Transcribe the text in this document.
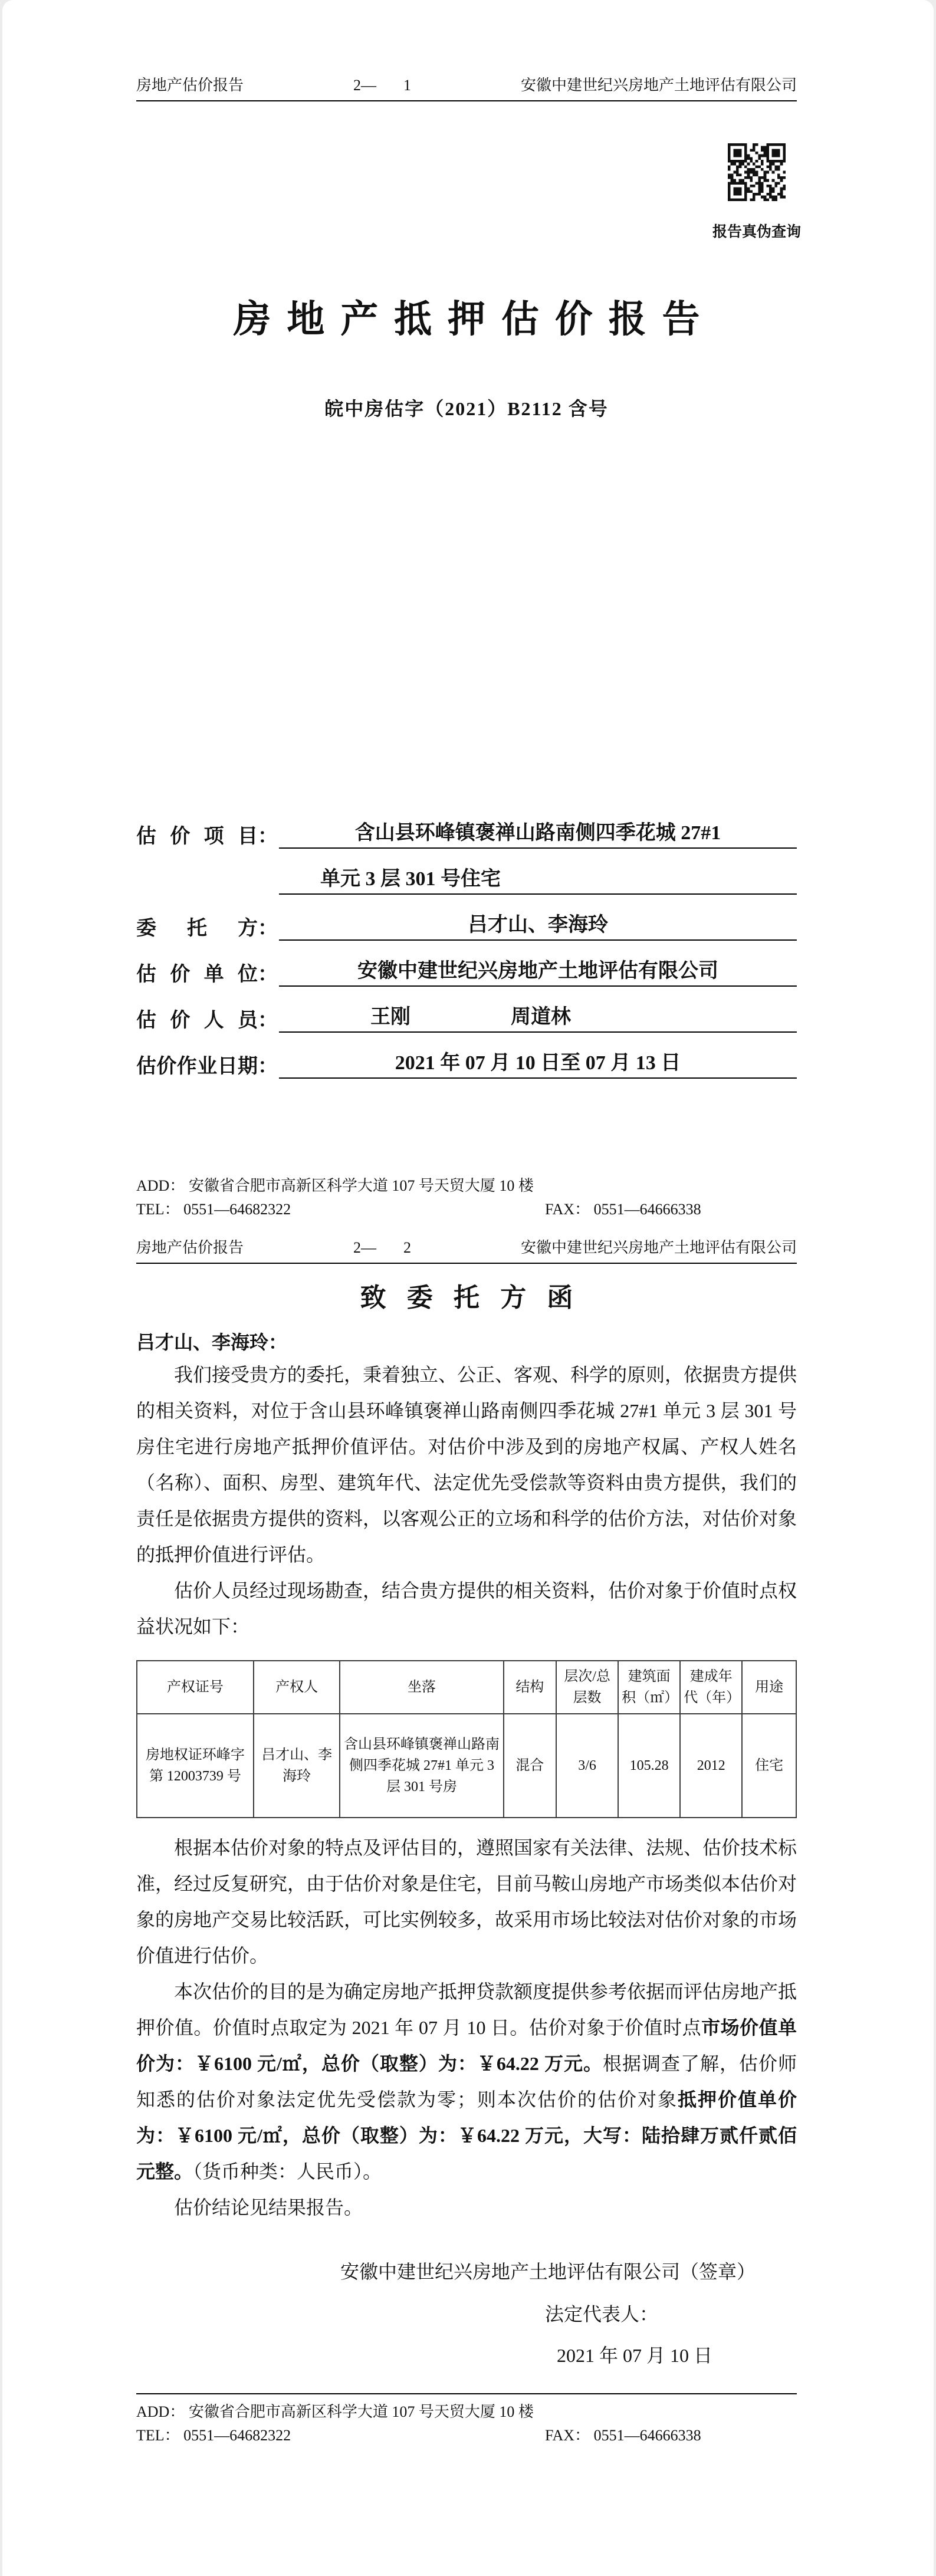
房地产估价报告	2— 1	安徽中建世纪兴房地产土地评估有限公司
报告真伪查询
房地产抵押估价报告
皖中房估字（2021）B2112 含号
估价项目 ：	含山县环峰镇褒禅山路南侧四季花城 27#1
单元 3 层 301 号住宅
委托方 ：	吕才山、李海玲
估价单位 ：	安徽中建世纪兴房地产土地评估有限公司
估价人员 ：	王刚	周道林
估价作业日期 ：	2021 年 07 月 10 日至 07 月 13 日
ADD： 安徽省合肥市高新区科学大道 107 号天贸大厦 10 楼
TEL： 0551—64682322	FAX： 0551—64666338
房地产估价报告	2— 2	安徽中建世纪兴房地产土地评估有限公司
致委托方函

吕才山、李海玲：

我们接受贵方的委托，秉着独立、公正、客观、科学的原则，依据贵方提供的相关资料，对位于含山县环峰镇褒禅山路南侧四季花城 27#1 单元 3 层 301 号房住宅进行房地产抵押价值评估。对估价中涉及到的房地产权属、产权人姓名（名称）、面积、房型、建筑年代、法定优先受偿款等资料由贵方提供，我们的责任是依据贵方提供的资料，以客观公正的立场和科学的估价方法，对估价对象的抵押价值进行评估。

估价人员经过现场勘查，结合贵方提供的相关资料，估价对象于价值时点权益状况如下：

产权证号	产权人	坐落	结构	层次/总层数	建筑面积（㎡）	建成年代（年）	用途
房地权证环峰字第 12003739 号	吕才山、李海玲	含山县环峰镇褒禅山路南侧四季花城 27#1 单元 3 层 301 号房	混合	3/6	105.28	2012	住宅

根据本估价对象的特点及评估目的，遵照国家有关法律、法规、估价技术标准，经过反复研究，由于估价对象是住宅，目前马鞍山房地产市场类似本估价对象的房地产交易比较活跃，可比实例较多，故采用市场比较法对估价对象的市场价值进行估价。

本次估价的目的是为确定房地产抵押贷款额度提供参考依据而评估房地产抵押价值。价值时点取定为 2021 年 07 月 10 日。估价对象于价值时点市场价值单价为：￥6100 元/㎡，总价（取整）为：￥64.22 万元。根据调查了解，估价师知悉的估价对象法定优先受偿款为零；则本次估价的估价对象抵押价值单价为：￥6100 元/㎡，总价（取整）为：￥64.22 万元，大写：陆拾肆万贰仟贰佰元整。（货币种类：人民币）。

估价结论见结果报告。

安徽中建世纪兴房地产土地评估有限公司（签章）
法定代表人：
2021 年 07 月 10 日
ADD： 安徽省合肥市高新区科学大道 107 号天贸大厦 10 楼
TEL： 0551—64682322	FAX： 0551—64666338
